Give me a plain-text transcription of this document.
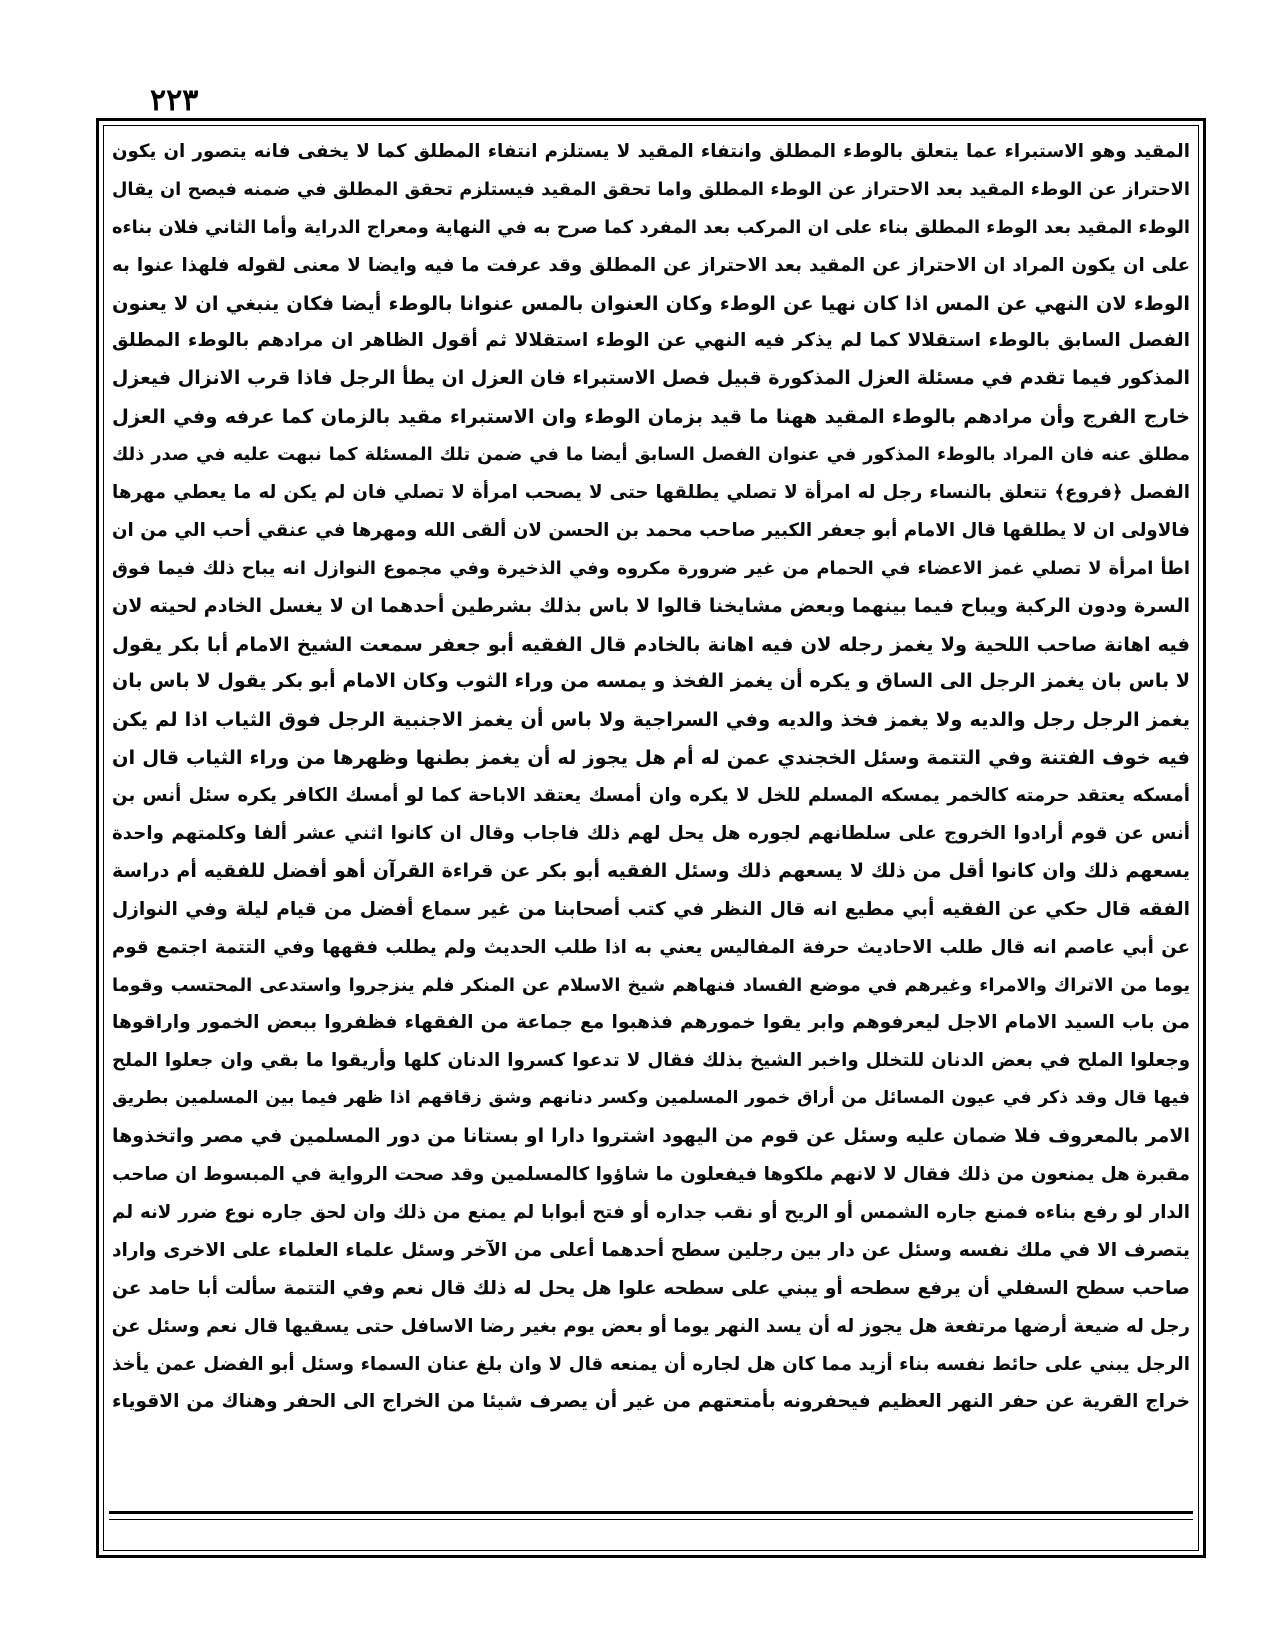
٢٢٣
المقيد وهو الاستبراء عما يتعلق بالوطء المطلق وانتفاء المقيد لا يستلزم انتفاء المطلق كما لا يخفى فانه يتصور ان يكون
الاحتراز عن الوطء المقيد بعد الاحتراز عن الوطء المطلق واما تحقق المقيد فيستلزم تحقق المطلق في ضمنه فيصح ان يقال
الوطء المقيد بعد الوطء المطلق بناء على ان المركب بعد المفرد كما صرح به في النهاية ومعراج الدراية وأما الثاني فلان بناءه
على ان يكون المراد ان الاحتراز عن المقيد بعد الاحتراز عن المطلق وقد عرفت ما فيه وايضا لا معنى لقوله فلهذا عنوا به
الوطء لان النهي عن المس اذا كان نهيا عن الوطء وكان العنوان بالمس عنوانا بالوطء أيضا فكان ينبغي ان لا يعنون
الفصل السابق بالوطء استقلالا كما لم يذكر فيه النهي عن الوطء استقلالا ثم أقول الظاهر ان مرادهم بالوطء المطلق
المذكور فيما تقدم في مسئلة العزل المذكورة قبيل فصل الاستبراء فان العزل ان يطأ الرجل فاذا قرب الانزال فيعزل
خارج الفرج وأن مرادهم بالوطء المقيد ههنا ما قيد بزمان الوطء وان الاستبراء مقيد بالزمان كما عرفه وفي العزل
مطلق عنه فان المراد بالوطء المذكور في عنوان الفصل السابق أيضا ما في ضمن تلك المسئلة كما نبهت عليه في صدر ذلك
الفصل ﴿فروع﴾ تتعلق بالنساء رجل له امرأة لا تصلي يطلقها حتى لا يصحب امرأة لا تصلي فان لم يكن له ما يعطي مهرها
فالاولى ان لا يطلقها قال الامام أبو جعفر الكبير صاحب محمد بن الحسن لان ألقى الله ومهرها في عنقي أحب الي من ان
اطأ امرأة لا تصلي غمز الاعضاء في الحمام من غير ضرورة مكروه وفي الذخيرة وفي مجموع النوازل انه يباح ذلك فيما فوق
السرة ودون الركبة ويباح فيما بينهما وبعض مشايخنا قالوا لا باس بذلك بشرطين أحدهما ان لا يغسل الخادم لحيته لان
فيه اهانة صاحب اللحية ولا يغمز رجله لان فيه اهانة بالخادم قال الفقيه أبو جعفر سمعت الشيخ الامام أبا بكر يقول
لا باس بان يغمز الرجل الى الساق و يكره أن يغمز الفخذ و يمسه من وراء الثوب وكان الامام أبو بكر يقول لا باس بان
يغمز الرجل رجل والديه ولا يغمز فخذ والديه وفي السراجية ولا باس أن يغمز الاجنبية الرجل فوق الثياب اذا لم يكن
فيه خوف الفتنة وفي التتمة وسئل الخجندي عمن له أم هل يجوز له أن يغمز بطنها وظهرها من وراء الثياب قال ان
أمسكه يعتقد حرمته كالخمر يمسكه المسلم للخل لا يكره وان أمسك يعتقد الاباحة كما لو أمسك الكافر يكره سئل أنس بن
أنس عن قوم أرادوا الخروج على سلطانهم لجوره هل يحل لهم ذلك فاجاب وقال ان كانوا اثني عشر ألفا وكلمتهم واحدة
يسعهم ذلك وان كانوا أقل من ذلك لا يسعهم ذلك وسئل الفقيه أبو بكر عن قراءة القرآن أهو أفضل للفقيه أم دراسة
الفقه قال حكي عن الفقيه أبي مطيع انه قال النظر في كتب أصحابنا من غير سماع أفضل من قيام ليلة وفي النوازل
عن أبي عاصم انه قال طلب الاحاديث حرفة المفاليس يعني به اذا طلب الحديث ولم يطلب فقهها وفي التتمة اجتمع قوم
يوما من الاتراك والامراء وغيرهم في موضع الفساد فنهاهم شيخ الاسلام عن المنكر فلم ينزجروا واستدعى المحتسب وقوما
من باب السيد الامام الاجل ليعرفوهم وابر يقوا خمورهم فذهبوا مع جماعة من الفقهاء فظفروا ببعض الخمور واراقوها
وجعلوا الملح في بعض الدنان للتخلل واخبر الشيخ بذلك فقال لا تدعوا كسروا الدنان كلها وأريقوا ما بقي وان جعلوا الملح
فيها قال وقد ذكر في عيون المسائل من أراق خمور المسلمين وكسر دنانهم وشق زقاقهم اذا ظهر فيما بين المسلمين بطريق
الامر بالمعروف فلا ضمان عليه وسئل عن قوم من اليهود اشتروا دارا او بستانا من دور المسلمين في مصر واتخذوها
مقبرة هل يمنعون من ذلك فقال لا لانهم ملكوها فيفعلون ما شاؤوا كالمسلمين وقد صحت الرواية في المبسوط ان صاحب
الدار لو رفع بناءه فمنع جاره الشمس أو الريح أو نقب جداره أو فتح أبوابا لم يمنع من ذلك وان لحق جاره نوع ضرر لانه لم
يتصرف الا في ملك نفسه وسئل عن دار بين رجلين سطح أحدهما أعلى من الآخر وسئل علماء العلماء على الاخرى واراد
صاحب سطح السفلي أن يرفع سطحه أو يبني على سطحه علوا هل يحل له ذلك قال نعم وفي التتمة سألت أبا حامد عن
رجل له ضيعة أرضها مرتفعة هل يجوز له أن يسد النهر يوما أو بعض يوم بغير رضا الاسافل حتى يسقيها قال نعم وسئل عن
الرجل يبني على حائط نفسه بناء أزيد مما كان هل لجاره أن يمنعه قال لا وان بلغ عنان السماء وسئل أبو الفضل عمن يأخذ
خراج القرية عن حفر النهر العظيم فيحفرونه بأمتعتهم من غير أن يصرف شيئا من الخراج الى الحفر وهناك من الاقوياء
